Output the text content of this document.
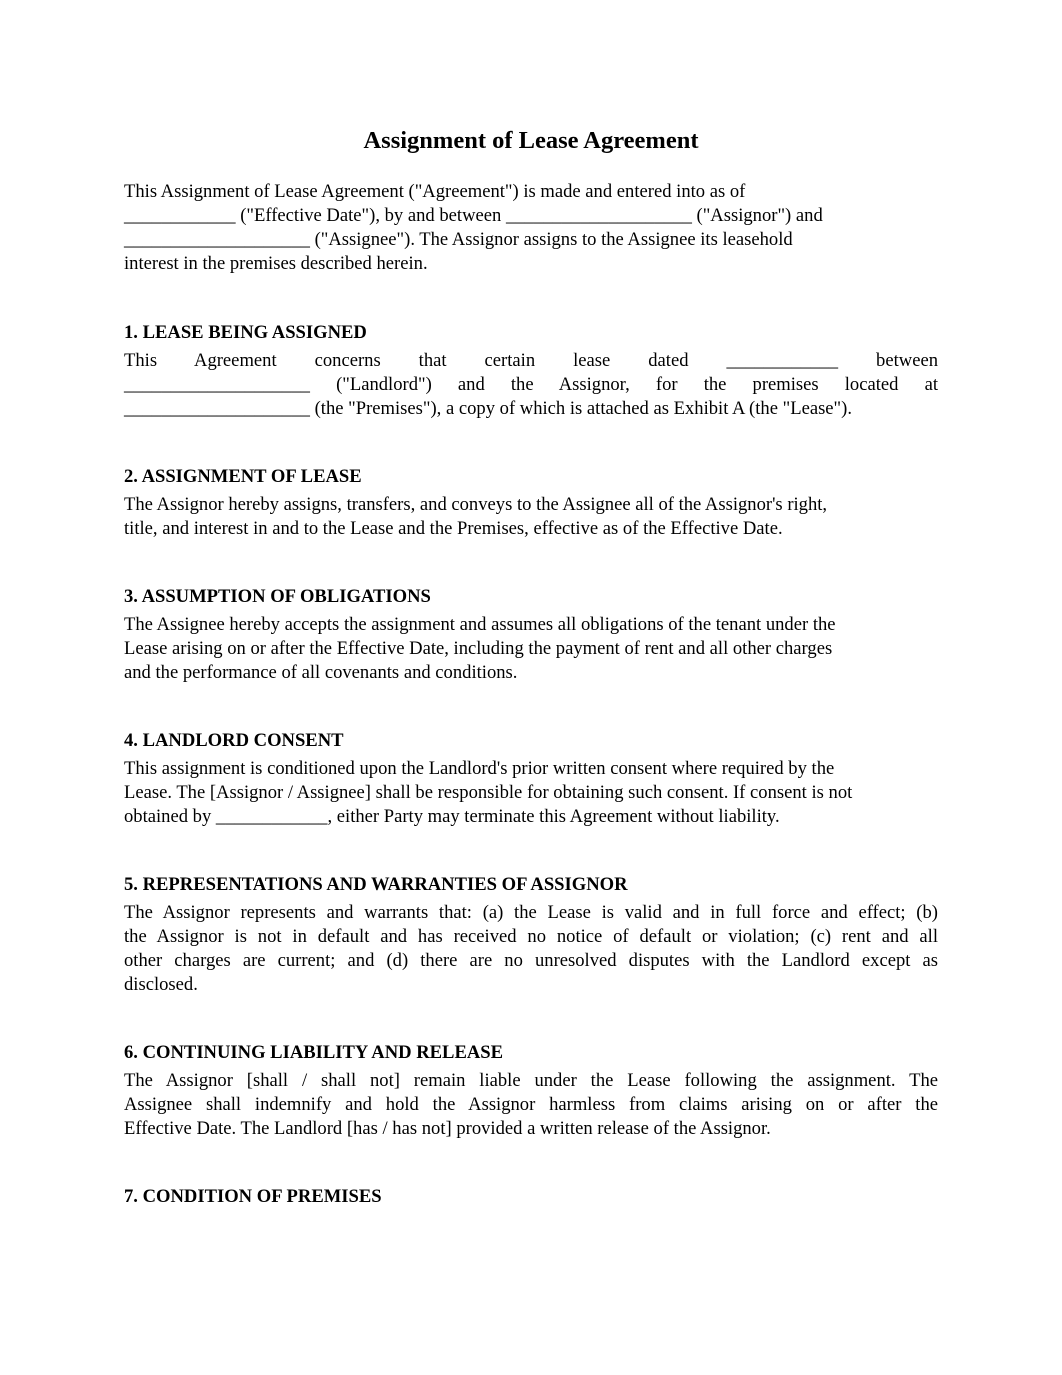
Assignment of Lease Agreement

This Assignment of Lease Agreement ("Agreement") is made and entered into as of
____________ ("Effective Date"), by and between ____________________ ("Assignor") and
____________________ ("Assignee"). The Assignor assigns to the Assignee its leasehold
interest in the premises described herein.

1. LEASE BEING ASSIGNED

This Agreement concerns that certain lease dated ____________ between
____________________ ("Landlord") and the Assignor, for the premises located at
____________________ (the "Premises"), a copy of which is attached as Exhibit A (the "Lease").

2. ASSIGNMENT OF LEASE

The Assignor hereby assigns, transfers, and conveys to the Assignee all of the Assignor's right,
title, and interest in and to the Lease and the Premises, effective as of the Effective Date.

3. ASSUMPTION OF OBLIGATIONS

The Assignee hereby accepts the assignment and assumes all obligations of the tenant under the
Lease arising on or after the Effective Date, including the payment of rent and all other charges
and the performance of all covenants and conditions.

4. LANDLORD CONSENT

This assignment is conditioned upon the Landlord's prior written consent where required by the
Lease. The [Assignor / Assignee] shall be responsible for obtaining such consent. If consent is not
obtained by ____________, either Party may terminate this Agreement without liability.

5. REPRESENTATIONS AND WARRANTIES OF ASSIGNOR

The Assignor represents and warrants that: (a) the Lease is valid and in full force and effect; (b)
the Assignor is not in default and has received no notice of default or violation; (c) rent and all
other charges are current; and (d) there are no unresolved disputes with the Landlord except as
disclosed.

6. CONTINUING LIABILITY AND RELEASE

The Assignor [shall / shall not] remain liable under the Lease following the assignment. The
Assignee shall indemnify and hold the Assignor harmless from claims arising on or after the
Effective Date. The Landlord [has / has not] provided a written release of the Assignor.

7. CONDITION OF PREMISES
